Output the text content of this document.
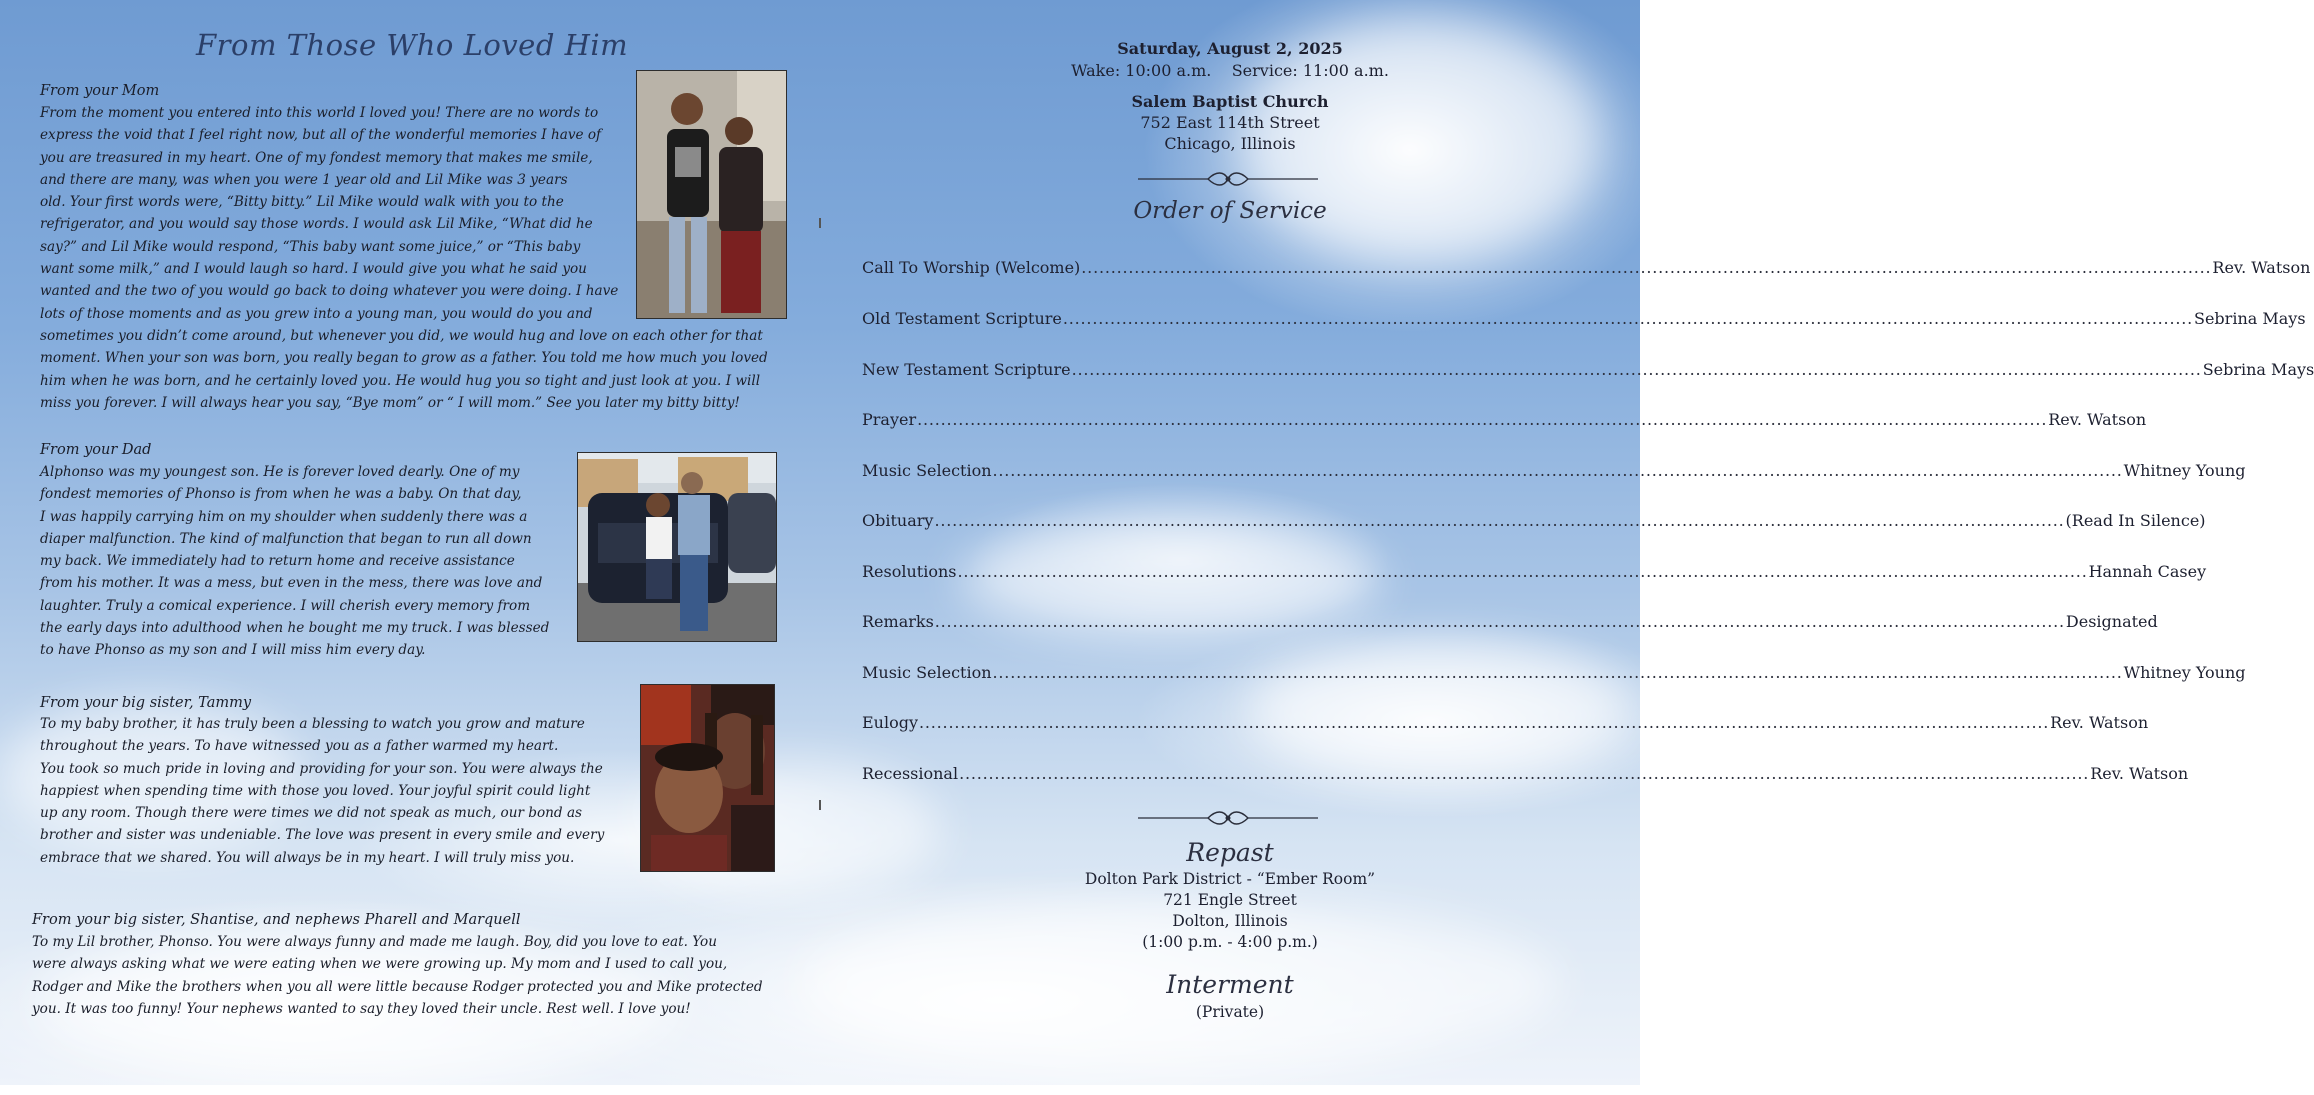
From Those Who Loved Him
From your Mom
From the moment you entered into this world I loved you! There are no words to
express the void that I feel right now, but all of the wonderful memories I have of
you are treasured in my heart. One of my fondest memory that makes me smile,
and there are many, was when you were 1 year old and Lil Mike was 3 years
old. Your first words were, “Bitty bitty.” Lil Mike would walk with you to the
refrigerator, and you would say those words. I would ask Lil Mike, “What did he
say?” and Lil Mike would respond, “This baby want some juice,” or “This baby
want some milk,” and I would laugh so hard. I would give you what he said you
wanted and the two of you would go back to doing whatever you were doing. I have
lots of those moments and as you grew into a young man, you would do you and
sometimes you didn’t come around, but whenever you did, we would hug and love on each other for that
moment. When your son was born, you really began to grow as a father. You told me how much you loved
him when he was born, and he certainly loved you. He would hug you so tight and just look at you. I will
miss you forever. I will always hear you say, “Bye mom” or “ I will mom.” See you later my bitty bitty!
From your Dad
Alphonso was my youngest son. He is forever loved dearly. One of my
fondest memories of Phonso is from when he was a baby. On that day,
I was happily carrying him on my shoulder when suddenly there was a
diaper malfunction. The kind of malfunction that began to run all down
my back. We immediately had to return home and receive assistance
from his mother. It was a mess, but even in the mess, there was love and
laughter. Truly a comical experience. I will cherish every memory from
the early days into adulthood when he bought me my truck. I was blessed
to have Phonso as my son and I will miss him every day.
From your big sister, Tammy
To my baby brother, it has truly been a blessing to watch you grow and mature
throughout the years. To have witnessed you as a father warmed my heart.
You took so much pride in loving and providing for your son. You were always the
happiest when spending time with those you loved. Your joyful spirit could light
up any room. Though there were times we did not speak as much, our bond as
brother and sister was undeniable. The love was present in every smile and every
embrace that we shared. You will always be in my heart. I will truly miss you.
From your big sister, Shantise, and nephews Pharell and Marquell
To my Lil brother, Phonso. You were always funny and made me laugh. Boy, did you love to eat. You
were always asking what we were eating when we were growing up. My mom and I used to call you,
Rodger and Mike the brothers when you all were little because Rodger protected you and Mike protected
you. It was too funny! Your nephews wanted to say they loved their uncle. Rest well. I love you!
Saturday, August 2, 2025
Wake: 10:00 a.m.    Service: 11:00 a.m.
Salem Baptist Church
752 East 114th Street
Chicago, Illinois
Order of Service
Call To Worship (Welcome) ................................................................................................................................................................................................ Rev. Watson
Old Testament Scripture ................................................................................................................................................................................................ Sebrina Mays
New Testament Scripture ................................................................................................................................................................................................ Sebrina Mays
Prayer ................................................................................................................................................................................................ Rev. Watson
Music Selection ................................................................................................................................................................................................ Whitney Young
Obituary ................................................................................................................................................................................................ (Read In Silence)
Resolutions ................................................................................................................................................................................................ Hannah Casey
Remarks ................................................................................................................................................................................................ Designated
Music Selection ................................................................................................................................................................................................ Whitney Young
Eulogy ................................................................................................................................................................................................ Rev. Watson
Recessional ................................................................................................................................................................................................ Rev. Watson
Repast
Dolton Park District - “Ember Room”
721 Engle Street
Dolton, Illinois
(1:00 p.m. - 4:00 p.m.)
Interment
(Private)
